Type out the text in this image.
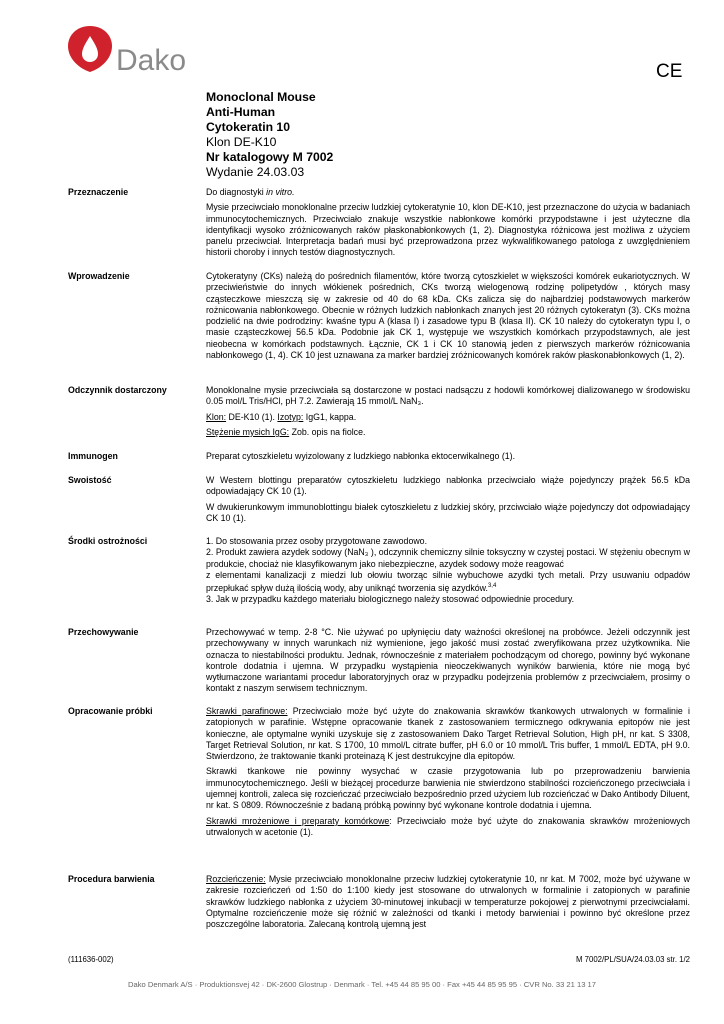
Dako	CE
Monoclonal Mouse
Anti-Human
Cytokeratin 10
Klon DE-K10
Nr katalogowy M 7002
Wydanie 24.03.03
Przeznaczenie	Do diagnostyki in vitro.

Mysie przeciwciało monoklonalne przeciw ludzkiej cytokeratynie 10, klon DE-K10, jest przeznaczone do użycia w badaniach immunocytochemicznych. Przeciwciało znakuje wszystkie nabłonkowe komórki przypodstawne i jest użyteczne dla identyfikacji wysoko zróżnicowanych raków płaskonabłonkowych (1, 2). Diagnostyka różnicowa jest możliwa z użyciem panelu przeciwciał. Interpretacja badań musi być przeprowadzona przez wykwalifikowanego patologa z uwzględnieniem historii choroby i innych testów diagnostycznych.

Wprowadzenie	Cytokeratyny (CKs) należą do pośrednich filamentów, które tworzą cytoszkielet w większości komórek eukariotycznych. W przeciwieństwie do innych włókienek pośrednich, CKs tworzą wielogenową rodzinę polipetydów , których masy cząsteczkowe mieszczą się w zakresie od 40 do 68 kDa. CKs zalicza się do najbardziej podstawowych markerów rożnicowania nabłonkowego. Obecnie w różnych ludzkich nabłonkach znanych jest 20 różnych cytokeratyn (3). CKs można podzielić na dwie podrodziny: kwaśne typu A (klasa I) i zasadowe typu B (klasa II). CK 10 należy do cytokeratyn typu I, o masie cząsteczkowej 56.5 kDa. Podobnie jak CK 1, występuje we wszystkich komórkach przypodstawnych, ale jest nieobecna w komórkach podstawnych. Łącznie, CK 1 i CK 10 stanowią jeden z pierwszych markerów różnicowania nabłonkowego (1, 4). CK 10 jest uznawana za marker bardziej zróżnicowanych komórek raków płaskonabłonkowych (1, 2).

Odczynnik dostarczony	Monoklonalne mysie przeciwciała są dostarczone w postaci nadsączu z hodowli komórkowej dializowanego w środowisku 0.05 mol/L Tris/HCl, pH 7.2. Zawierają 15 mmol/L NaN₃.

Klon: DE-K10 (1). Izotyp: IgG1, kappa.

Stężenie mysich IgG: Zob. opis na fiolce.

Immunogen	Preparat cytoszkieletu wyizolowany z ludzkiego nabłonka ektocerwikalnego (1).

Swoistość	W Western blottingu preparatów cytoszkieletu ludzkiego nabłonka przeciwciało wiąże pojedynczy prążek 56.5 kDa odpowiadający CK 10 (1).

W dwukierunkowym immunoblottingu białek cytoszkieletu z ludzkiej skóry, przciwciało wiąże pojedynczy dot odpowiadający CK 10 (1).

Środki ostrożności	1. Do stosowania przez osoby przygotowane zawodowo.

2. Produkt zawiera azydek sodowy (NaN₃ ), odczynnik chemiczny silnie toksyczny w czystej postaci. W stężeniu obecnym w produkcie, chociaż nie klasyfikowanym jako niebezpieczne, azydek sodowy może reagować

z elementami kanalizacji z miedzi lub ołowiu tworząc silnie wybuchowe azydki tych metali. Przy usuwaniu odpadów przepłukać spływ dużą ilością wody, aby uniknąć tworzenia się azydków.$^{3,4}$

3. Jak w przypadku każdego materiału biologicznego należy stosować odpowiednie procedury.

Przechowywanie	Przechowywać w temp. 2-8 °C. Nie używać po upłynięciu daty ważności określonej na probówce. Jeżeli odczynnik jest przechowywany w innych warunkach niż wymienione, jego jakość musi zostać zweryfikowana przez użytkownika. Nie oznacza to niestabilności produktu. Jednak, równocześnie z materiałem pochodzącym od chorego, powinny być wykonane kontrole dodatnia i ujemna. W przypadku wystąpienia nieoczekiwanych wyników barwienia, które nie mogą być wytłumaczone wariantami procedur laboratoryjnych oraz w przypadku podejrzenia problemów z przeciwciałem, prosimy o kontakt z naszym serwisem technicznym.

Opracowanie próbki	Skrawki parafinowe: Przeciwciało może być użyte do znakowania skrawków tkankowych utrwalonych w formalinie i zatopionych w parafinie. Wstępne opracowanie tkanek z zastosowaniem termicznego odkrywania epitopów nie jest konieczne, ale optymalne wyniki uzyskuje się z zastosowaniem Dako Target Retrieval Solution, High pH, nr kat. S 3308, Target Retrieval Solution, nr kat. S 1700, 10 mmol/L citrate buffer, pH 6.0 or 10 mmol/L Tris buffer, 1 mmol/L EDTA, pH 9.0. Stwierdzono, że traktowanie tkanki proteinazą K jest destrukcyjne dla epitopów.

Skrawki tkankowe nie powinny wysychać w czasie przygotowania lub po przeprowadzeniu barwienia immunocytochemicznego. Jeśli w bieżącej procedurze barwienia nie stwierdzono stabilności rozcieńczonego przeciwciała i ujemnej kontroli, zaleca się rozcieńczać przeciwciało bezpośrednio przed użyciem lub rozcieńczać w Dako Antibody Diluent, nr kat. S 0809. Równocześnie z badaną próbką powinny być wykonane kontrole dodatnia i ujemna.

Skrawki mrożeniowe i preparaty komórkowe: Przeciwciało może być użyte do znakowania skrawków mrożeniowych utrwalonych w acetonie (1).

Procedura barwienia	Rozcieńczenie: Mysie przeciwciało monoklonalne przeciw ludzkiej cytokeratynie 10, nr kat. M 7002, może być używane w zakresie rozcieńczeń od 1:50 do 1:100 kiedy jest stosowane do utrwalonych w formalinie i zatopionych w parafinie skrawków ludzkiego nabłonka z użyciem 30-minutowej inkubacji w temperaturze pokojowej z pierwotnymi przeciwciałami. Optymalne rozcieńczenie może się różnić w zależności od tkanki i metody barwieniai i powinno być określone przez poszczególne laboratoria. Zalecaną kontrolą ujemną jest

(111636-002)	M 7002/PL/SUA/24.03.03 str. 1/2
Dako Denmark A/S · Produktionsvej 42 · DK-2600 Glostrup · Denmark · Tel. +45 44 85 95 00 · Fax +45 44 85 95 95 · CVR No. 33 21 13 17
